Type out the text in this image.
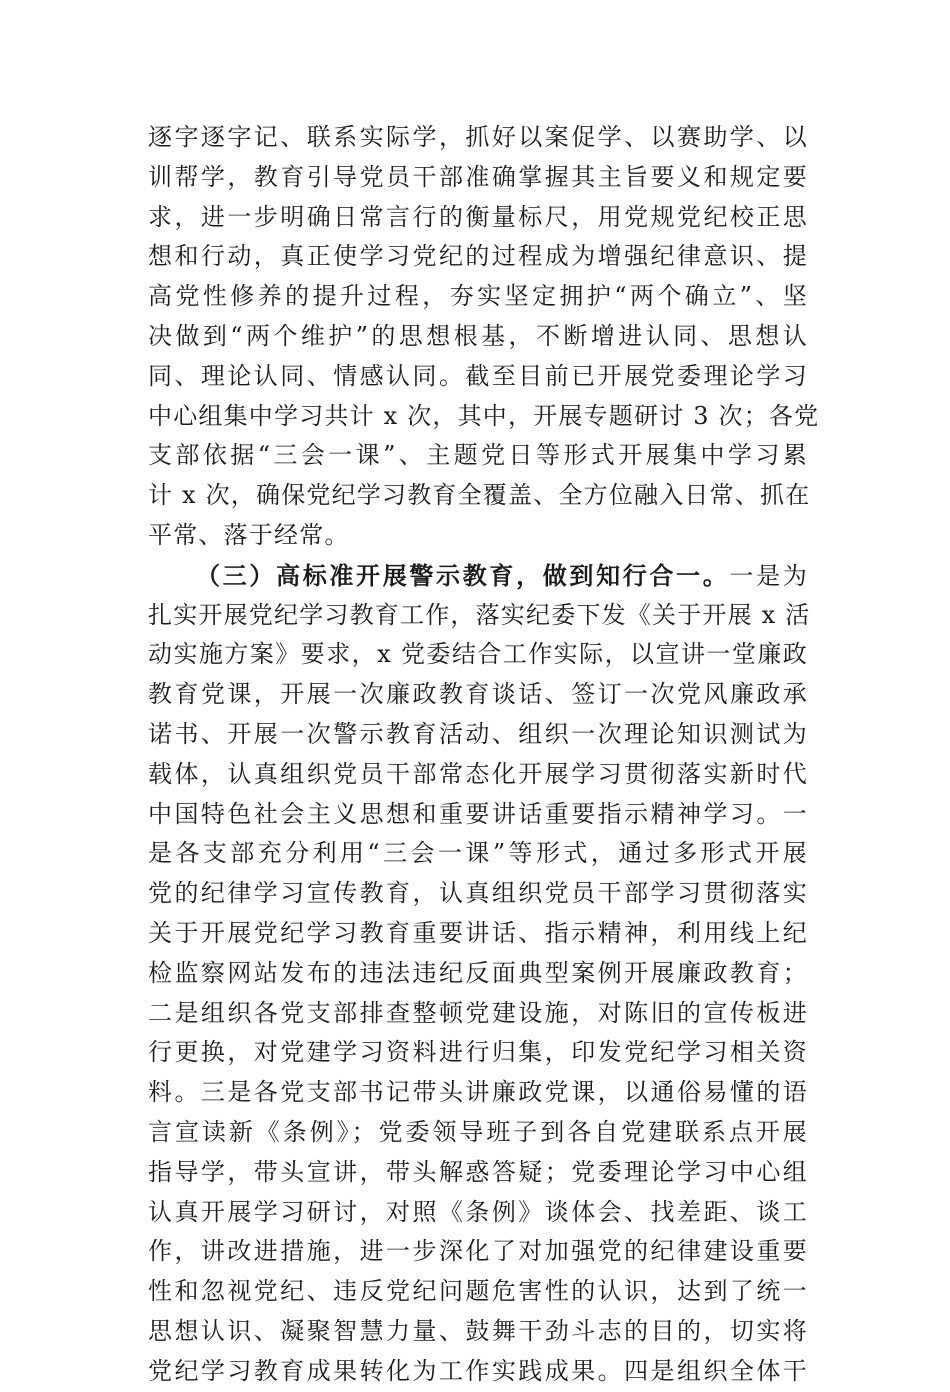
逐字逐字记、联系实际学，抓好以案促学、以赛助学、以
训帮学，教育引导党员干部准确掌握其主旨要义和规定要
求，进一步明确日常言行的衡量标尺，用党规党纪校正思
想和行动，真正使学习党纪的过程成为增强纪律意识、提
高党性修养的提升过程，夯实坚定拥护“两个确立”、坚
决做到“两个维护”的思想根基，不断增进认同、思想认
同、理论认同、情感认同。截至目前已开展党委理论学习
中心组集中学习共计 x 次，其中，开展专题研讨 3 次；各党
支部依据“三会一课”、主题党日等形式开展集中学习累
计 x 次，确保党纪学习教育全覆盖、全方位融入日常、抓在
平常、落于经常。
（三）高标准开展警示教育，做到知行合一。一是为
扎实开展党纪学习教育工作，落实纪委下发《关于开展 x 活
动实施方案》要求，x 党委结合工作实际，以宣讲一堂廉政
教育党课，开展一次廉政教育谈话、签订一次党风廉政承
诺书、开展一次警示教育活动、组织一次理论知识测试为
载体，认真组织党员干部常态化开展学习贯彻落实新时代
中国特色社会主义思想和重要讲话重要指示精神学习。一
是各支部充分利用“三会一课”等形式，通过多形式开展
党的纪律学习宣传教育，认真组织党员干部学习贯彻落实
关于开展党纪学习教育重要讲话、指示精神，利用线上纪
检监察网站发布的违法违纪反面典型案例开展廉政教育；
二是组织各党支部排查整顿党建设施，对陈旧的宣传板进
行更换，对党建学习资料进行归集，印发党纪学习相关资
料。三是各党支部书记带头讲廉政党课，以通俗易懂的语
言宣读新《条例》；党委领导班子到各自党建联系点开展
指导学，带头宣讲，带头解惑答疑；党委理论学习中心组
认真开展学习研讨，对照《条例》谈体会、找差距、谈工
作，讲改进措施，进一步深化了对加强党的纪律建设重要
性和忽视党纪、违反党纪问题危害性的认识，达到了统一
思想认识、凝聚智慧力量、鼓舞干劲斗志的目的，切实将
党纪学习教育成果转化为工作实践成果。四是组织全体干
